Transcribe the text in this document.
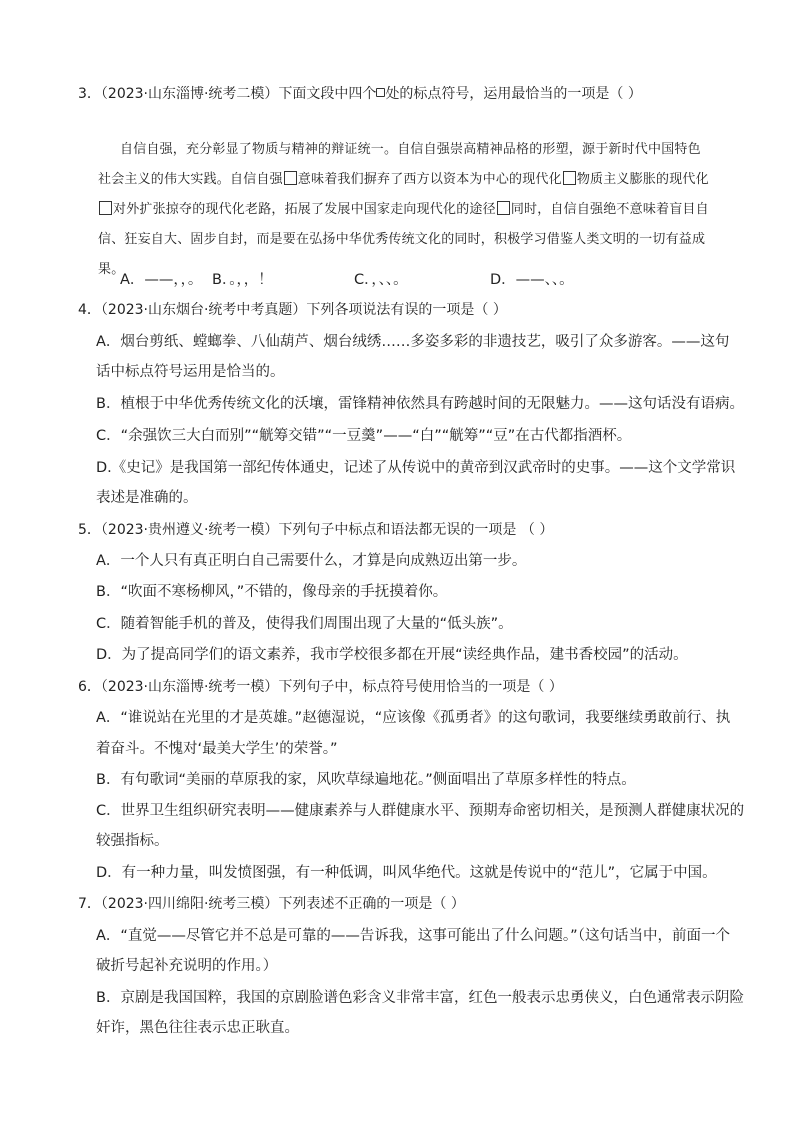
3．（2023·山东淄博·统考二模）下面文段中四个 处的标点符号，运用最恰当的一项是（ ）
自信自强，充分彰显了物质与精神的辩证统一。自信自强崇高精神品格的形塑，源于新时代中国特色
社会主义的伟大实践。自信自强 意味着我们摒弃了西方以资本为中心的现代化 物质主义膨胀的现代化
对外扩张掠夺的现代化老路，拓展了发展中国家走向现代化的途径 同时，自信自强绝不意味着盲目自
信、狂妄自大、固步自封，而是要在弘扬中华优秀传统文化的同时，积极学习借鉴人类文明的一切有益成
果。
A．——，，。 B．。，，！	C．，、、。	D．——、、。
4．（2023·山东烟台·统考中考真题）下列各项说法有误的一项是（ ）
A．烟台剪纸、螳螂拳、八仙葫芦、烟台绒绣……多姿多彩的非遗技艺，吸引了众多游客。——这句
话中标点符号运用是恰当的。
B．植根于中华优秀传统文化的沃壤，雷锋精神依然具有跨越时间的无限魅力。——这句话没有语病。
C．“余强饮三大白而别”“觥筹交错”“一豆羹”——“白”“觥筹”“豆”在古代都指酒杯。
D.《史记》是我国第一部纪传体通史，记述了从传说中的黄帝到汉武帝时的史事。——这个文学常识
表述是准确的。
5．（2023·贵州遵义·统考一模）下列句子中标点和语法都无误的一项是 （ ）
A．一个人只有真正明白自己需要什么，才算是向成熟迈出第一步。
B．“吹面不寒杨柳风，”不错的，像母亲的手抚摸着你。
C．随着智能手机的普及，使得我们周围出现了大量的“低头族”。
D．为了提高同学们的语文素养，我市学校很多都在开展“读经典作品，建书香校园”的活动。
6．（2023·山东淄博·统考一模）下列句子中，标点符号使用恰当的一项是（ ）
A．“谁说站在光里的才是英雄。”赵德湿说，“应该像《孤勇者》的这句歌词，我要继续勇敢前行、执
着奋斗。不愧对‘最美大学生’的荣誉。”
B．有句歌词“美丽的草原我的家，风吹草绿遍地花。”侧面唱出了草原多样性的特点。
C．世界卫生组织研究表明——健康素养与人群健康水平、预期寿命密切相关，是预测人群健康状况的
较强指标。
D．有一种力量，叫发愤图强，有一种低调，叫风华绝代。这就是传说中的“范儿”，它属于中国。
7．（2023·四川绵阳·统考三模）下列表述不正确的一项是（ ）
A．“直觉——尽管它并不总是可靠的——告诉我，这事可能出了什么问题。”（这句话当中，前面一个
破折号起补充说明的作用。）
B．京剧是我国国粹，我国的京剧脸谱色彩含义非常丰富，红色一般表示忠勇侠义，白色通常表示阴险
奸诈，黑色往往表示忠正耿直。
